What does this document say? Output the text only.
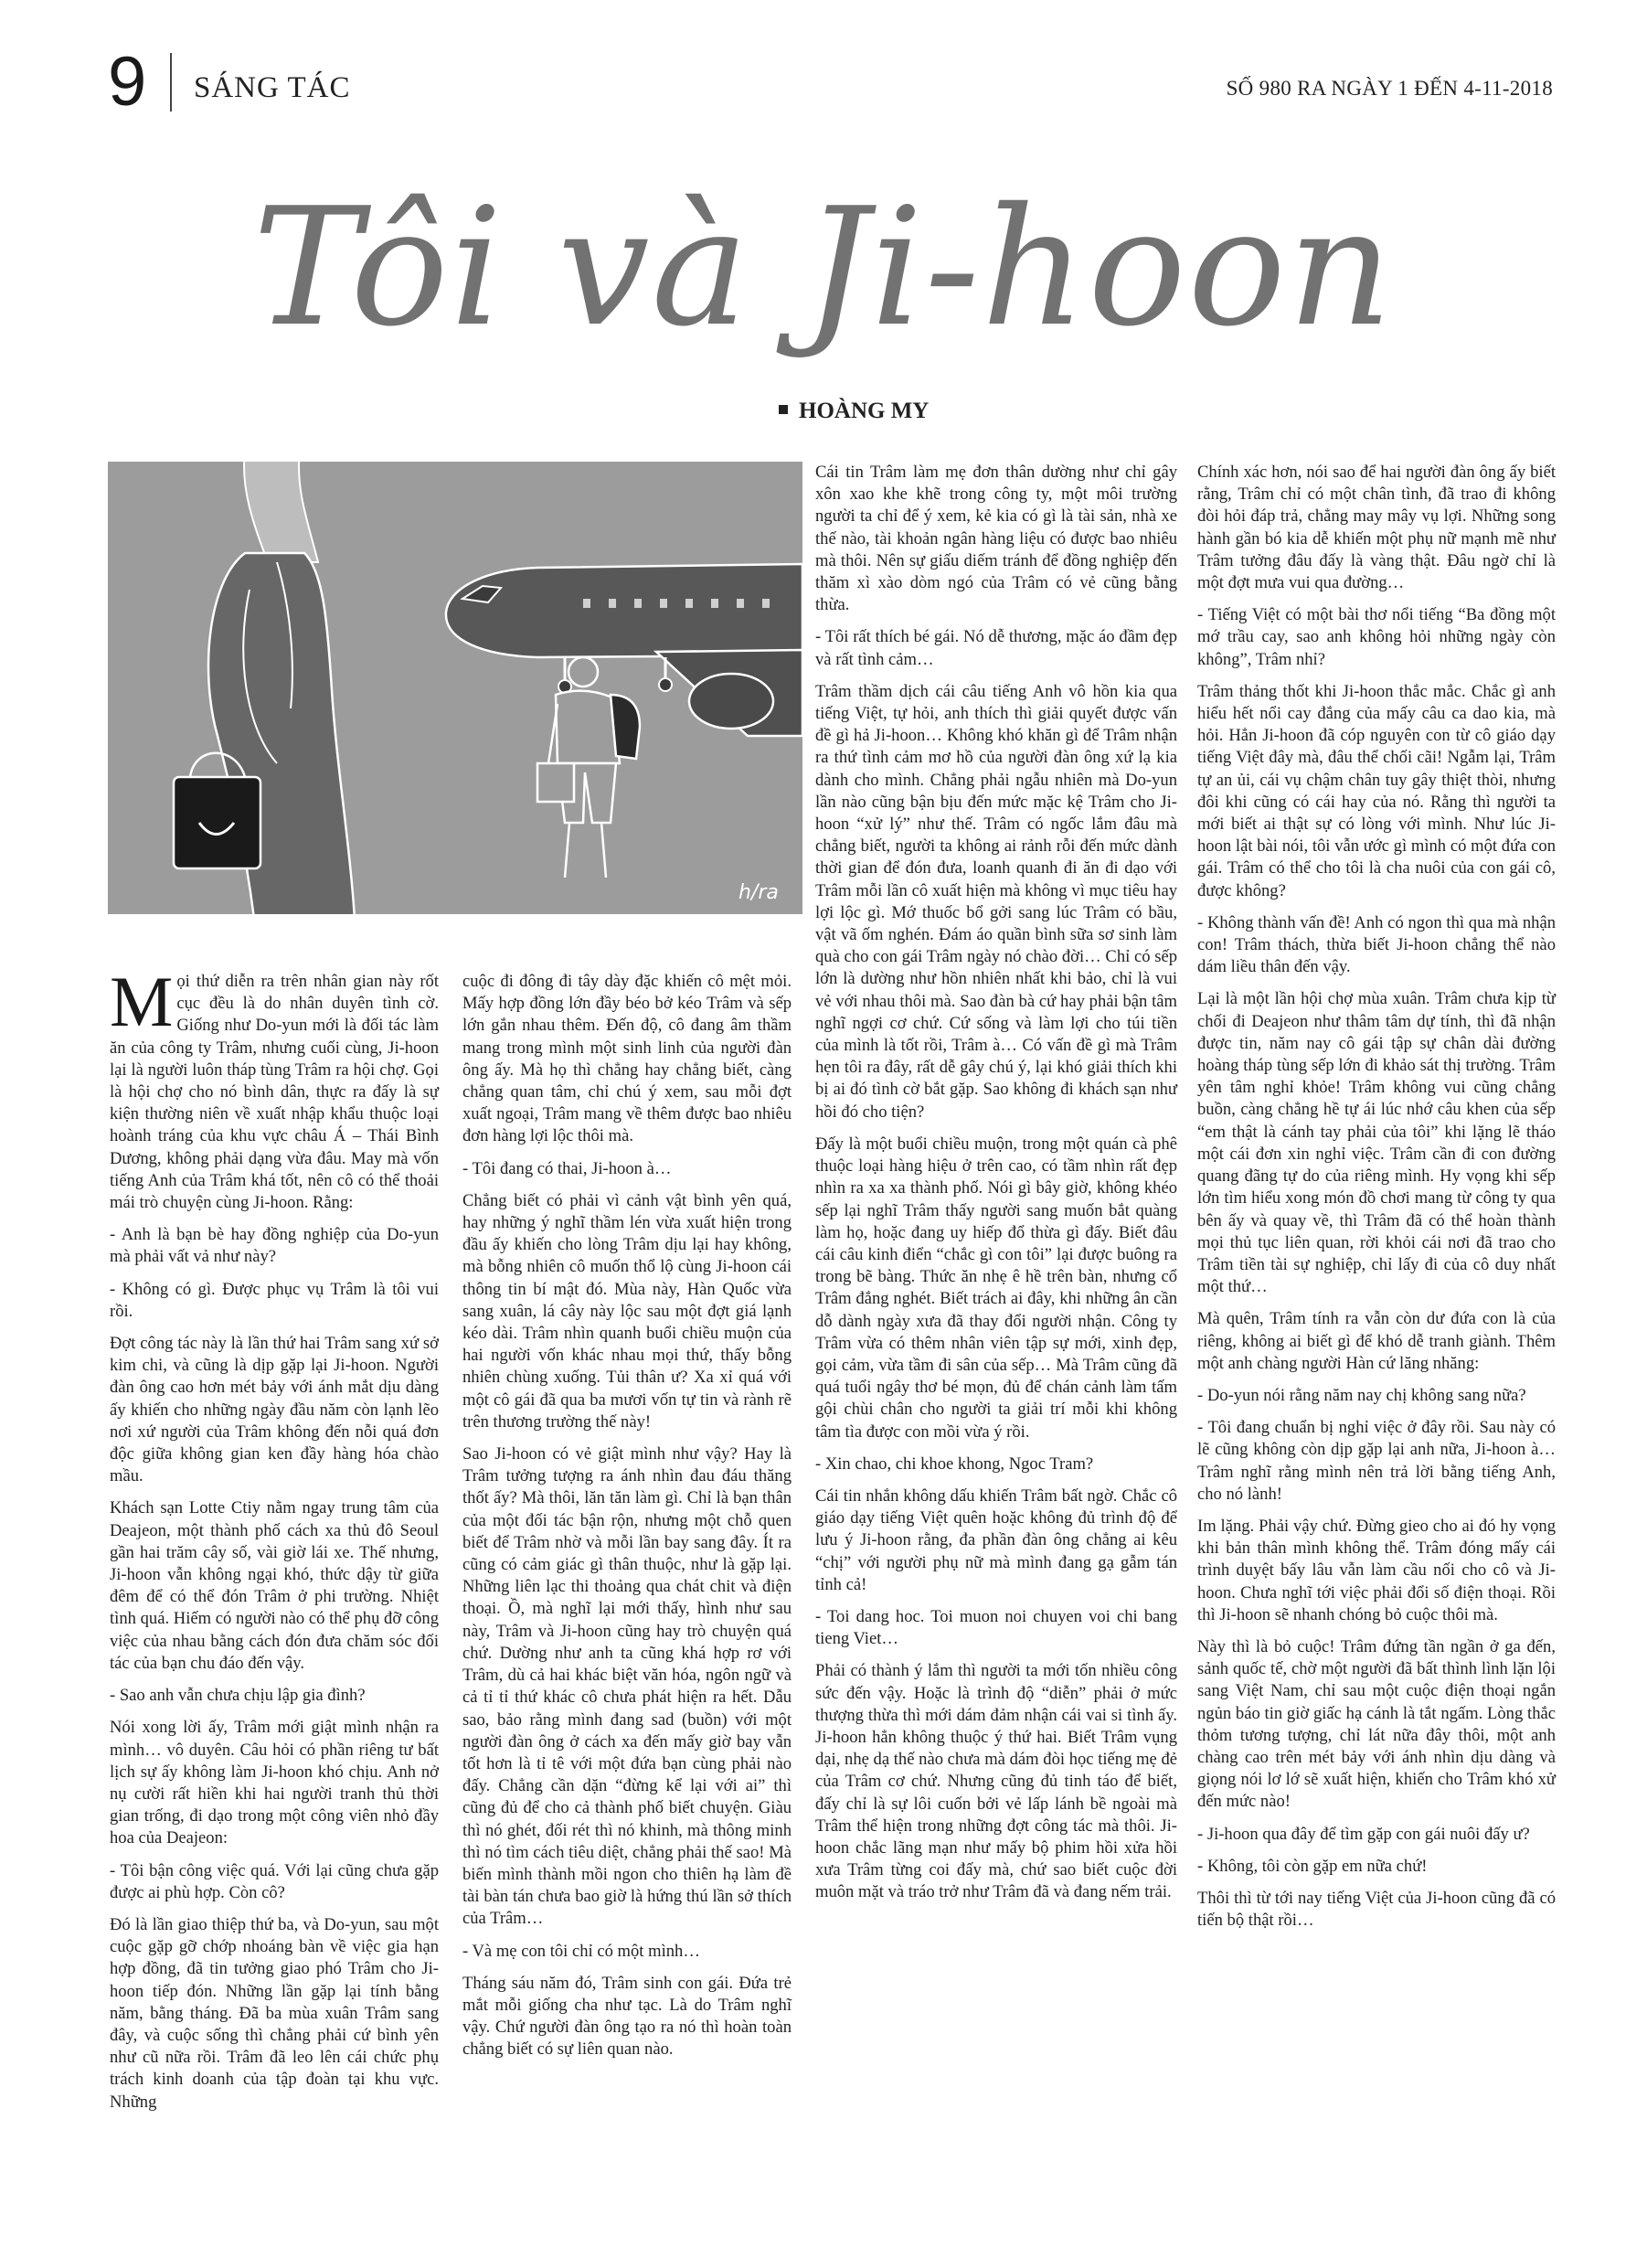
9 SÁNG TÁC	SỐ 980 RA NGÀY 1 ĐẾN 4-11-2018
Tôi và Ji-hoon
HOÀNG MY
h/ra

Mọi thứ diễn ra trên nhân gian này rốt cục đều là do nhân duyên tình cờ. Giống như Do-yun mới là đối tác làm ăn của công ty Trâm, nhưng cuối cùng, Ji-hoon lại là người luôn tháp tùng Trâm ra hội chợ. Gọi là hội chợ cho nó bình dân, thực ra đấy là sự kiện thường niên về xuất nhập khẩu thuộc loại hoành tráng của khu vực châu Á – Thái Bình Dương, không phải dạng vừa đâu. May mà vốn tiếng Anh của Trâm khá tốt, nên cô có thể thoải mái trò chuyện cùng Ji-hoon. Rằng:

- Anh là bạn bè hay đồng nghiệp của Do-yun mà phải vất vả như này?

- Không có gì. Được phục vụ Trâm là tôi vui rồi.

Đợt công tác này là lần thứ hai Trâm sang xứ sở kim chi, và cũng là dịp gặp lại Ji-hoon. Người đàn ông cao hơn mét bảy với ánh mắt dịu dàng ấy khiến cho những ngày đầu năm còn lạnh lẽo nơi xứ người của Trâm không đến nỗi quá đơn độc giữa không gian ken đầy hàng hóa chào mầu.

Khách sạn Lotte Ctiy nằm ngay trung tâm của Deajeon, một thành phố cách xa thủ đô Seoul gần hai trăm cây số, vài giờ lái xe. Thế nhưng, Ji-hoon vẫn không ngại khó, thức dậy từ giữa đêm để có thể đón Trâm ở phi trường. Nhiệt tình quá. Hiếm có người nào có thể phụ đỡ công việc của nhau bằng cách đón đưa chăm sóc đối tác của bạn chu đáo đến vậy.

- Sao anh vẫn chưa chịu lập gia đình?

Nói xong lời ấy, Trâm mới giật mình nhận ra mình… vô duyên. Câu hỏi có phần riêng tư bất lịch sự ấy không làm Ji-hoon khó chịu. Anh nở nụ cười rất hiền khi hai người tranh thủ thời gian trống, đi dạo trong một công viên nhỏ đầy hoa của Deajeon:

- Tôi bận công việc quá. Với lại cũng chưa gặp được ai phù hợp. Còn cô?

Đó là lần giao thiệp thứ ba, và Do-yun, sau một cuộc gặp gỡ chớp nhoáng bàn về việc gia hạn hợp đồng, đã tin tưởng giao phó Trâm cho Ji-hoon tiếp đón. Những lần gặp lại tính bằng năm, bằng tháng. Đã ba mùa xuân Trâm sang đây, và cuộc sống thì chẳng phải cứ bình yên như cũ nữa rồi. Trâm đã leo lên cái chức phụ trách kinh doanh của tập đoàn tại khu vực. Những

cuộc đi đông đi tây dày đặc khiến cô mệt mỏi. Mấy hợp đồng lớn đầy béo bở kéo Trâm và sếp lớn gắn nhau thêm. Đến độ, cô đang âm thầm mang trong mình một sinh linh của người đàn ông ấy. Mà họ thì chẳng hay chẳng biết, càng chẳng quan tâm, chỉ chú ý xem, sau mỗi đợt xuất ngoại, Trâm mang về thêm được bao nhiêu đơn hàng lợi lộc thôi mà.

- Tôi đang có thai, Ji-hoon à…

Chẳng biết có phải vì cảnh vật bình yên quá, hay những ý nghĩ thầm lén vừa xuất hiện trong đầu ấy khiến cho lòng Trâm dịu lại hay không, mà bỗng nhiên cô muốn thổ lộ cùng Ji-hoon cái thông tin bí mật đó. Mùa này, Hàn Quốc vừa sang xuân, lá cây này lộc sau một đợt giá lạnh kéo dài. Trâm nhìn quanh buổi chiều muộn của hai người vốn khác nhau mọi thứ, thấy bỗng nhiên chùng xuống. Tủi thân ư? Xa xỉ quá với một cô gái đã qua ba mươi vốn tự tin và rành rẽ trên thương trường thế này!

Sao Ji-hoon có vẻ giật mình như vậy? Hay là Trâm tưởng tượng ra ánh nhìn đau đáu thăng thốt ấy? Mà thôi, lăn tăn làm gì. Chỉ là bạn thân của một đối tác bận rộn, nhưng một chỗ quen biết để Trâm nhờ và mỗi lần bay sang đây. Ít ra cũng có cảm giác gì thân thuộc, như là gặp lại. Những liên lạc thi thoảng qua chát chit và điện thoại. Ồ, mà nghĩ lại mới thấy, hình như sau này, Trâm và Ji-hoon cũng hay trò chuyện quá chứ. Dường như anh ta cũng khá hợp rơ với Trâm, dù cả hai khác biệt văn hóa, ngôn ngữ và cả tỉ tỉ thứ khác cô chưa phát hiện ra hết. Dẫu sao, bảo rằng mình đang sad (buồn) với một người đàn ông ở cách xa đến mấy giờ bay vẫn tốt hơn là tỉ tê với một đứa bạn cùng phải nào đấy. Chẳng cần dặn “đừng kể lại với ai” thì cũng đủ để cho cả thành phố biết chuyện. Giàu thì nó ghét, đối rét thì nó khinh, mà thông minh thì nó tìm cách tiêu diệt, chẳng phải thế sao! Mà biến mình thành mồi ngon cho thiên hạ làm đề tài bàn tán chưa bao giờ là hứng thú lần sở thích của Trâm…

- Và mẹ con tôi chỉ có một mình…

Tháng sáu năm đó, Trâm sinh con gái. Đứa trẻ mắt mỗi giống cha như tạc. Là do Trâm nghĩ vậy. Chứ người đàn ông tạo ra nó thì hoàn toàn chẳng biết có sự liên quan nào.

Cái tin Trâm làm mẹ đơn thân dường như chỉ gây xôn xao khe khẽ trong công ty, một môi trường người ta chỉ để ý xem, kẻ kia có gì là tài sản, nhà xe thế nào, tài khoản ngân hàng liệu có được bao nhiêu mà thôi. Nên sự giấu diếm tránh để đồng nghiệp đến thăm xì xào dòm ngó của Trâm có vẻ cũng bằng thừa.

- Tôi rất thích bé gái. Nó dễ thương, mặc áo đầm đẹp và rất tình cảm…

Trâm thầm dịch cái câu tiếng Anh vô hồn kia qua tiếng Việt, tự hỏi, anh thích thì giải quyết được vấn đề gì hả Ji-hoon… Không khó khăn gì để Trâm nhận ra thứ tình cảm mơ hồ của người đàn ông xứ lạ kia dành cho mình. Chẳng phải ngẫu nhiên mà Do-yun lần nào cũng bận bịu đến mức mặc kệ Trâm cho Ji-hoon “xử lý” như thế. Trâm có ngốc lắm đâu mà chẳng biết, người ta không ai rảnh rỗi đến mức dành thời gian để đón đưa, loanh quanh đi ăn đi dạo với Trâm mỗi lần cô xuất hiện mà không vì mục tiêu hay lợi lộc gì. Mớ thuốc bổ gởi sang lúc Trâm có bầu, vật vã ốm nghén. Đám áo quần bình sữa sơ sinh làm quà cho con gái Trâm ngày nó chào đời… Chỉ có sếp lớn là dường như hồn nhiên nhất khi bảo, chỉ là vui vẻ với nhau thôi mà. Sao đàn bà cứ hay phải bận tâm nghĩ ngợi cơ chứ. Cứ sống và làm lợi cho túi tiền của mình là tốt rồi, Trâm à… Có vấn đề gì mà Trâm hẹn tôi ra đây, rất dễ gây chú ý, lại khó giải thích khi bị ai đó tình cờ bắt gặp. Sao không đi khách sạn như hồi đó cho tiện?

Đấy là một buổi chiều muộn, trong một quán cà phê thuộc loại hàng hiệu ở trên cao, có tầm nhìn rất đẹp nhìn ra xa xa thành phố. Nói gì bây giờ, không khéo sếp lại nghĩ Trâm thấy người sang muốn bắt quàng làm họ, hoặc đang uy hiếp đổ thừa gì đấy. Biết đâu cái câu kinh điển “chắc gì con tôi” lại được buông ra trong bẽ bàng. Thức ăn nhẹ ê hề trên bàn, nhưng cổ Trâm đắng nghét. Biết trách ai đây, khi những ân cần dỗ dành ngày xưa đã thay đổi người nhận. Công ty Trâm vừa có thêm nhân viên tập sự mới, xinh đẹp, gọi cảm, vừa tầm đi sân của sếp… Mà Trâm cũng đã quá tuổi ngây thơ bé mọn, đủ để chán cảnh làm tấm gội chùi chân cho người ta giải trí mỗi khi không tâm tìa được con mồi vừa ý rồi.

- Xin chao, chi khoe khong, Ngoc Tram?

Cái tin nhắn không dấu khiến Trâm bất ngờ. Chắc cô giáo dạy tiếng Việt quên hoặc không đủ trình độ để lưu ý Ji-hoon rằng, đa phần đàn ông chẳng ai kêu “chị” với người phụ nữ mà mình đang gạ gẫm tán tỉnh cả!

- Toi dang hoc. Toi muon noi chuyen voi chi bang tieng Viet…

Phải có thành ý lắm thì người ta mới tốn nhiều công sức đến vậy. Hoặc là trình độ “diễn” phải ở mức thượng thừa thì mới dám đảm nhận cái vai si tình ấy. Ji-hoon hẳn không thuộc ý thứ hai. Biết Trâm vụng dại, nhẹ dạ thế nào chưa mà dám đòi học tiếng mẹ đẻ của Trâm cơ chứ. Nhưng cũng đủ tinh táo để biết, đấy chỉ là sự lôi cuốn bởi vẻ lấp lánh bề ngoài mà Trâm thể hiện trong những đợt công tác mà thôi. Ji-hoon chắc lãng mạn như mấy bộ phim hồi xửa hồi xưa Trâm từng coi đấy mà, chứ sao biết cuộc đời muôn mặt và tráo trở như Trâm đã và đang nếm trải.

Chính xác hơn, nói sao để hai người đàn ông ấy biết rằng, Trâm chỉ có một chân tình, đã trao đi không đòi hỏi đáp trả, chẳng may mây vụ lợi. Những song hành gần bó kia dễ khiến một phụ nữ mạnh mẽ như Trâm tưởng đâu đấy là vàng thật. Đâu ngờ chỉ là một đợt mưa vui qua đường…

- Tiếng Việt có một bài thơ nổi tiếng “Ba đồng một mớ trầu cay, sao anh không hỏi những ngày còn không”, Trâm nhỉ?

Trâm thảng thốt khi Ji-hoon thắc mắc. Chắc gì anh hiểu hết nổi cay đắng của mấy câu ca dao kia, mà hỏi. Hẳn Ji-hoon đã cóp nguyên con từ cô giáo dạy tiếng Việt đây mà, đâu thể chối cãi! Ngẫm lại, Trâm tự an ủi, cái vụ chậm chân tuy gây thiệt thòi, nhưng đôi khi cũng có cái hay của nó. Rằng thì người ta mới biết ai thật sự có lòng với mình. Như lúc Ji-hoon lật bài nói, tôi vẫn ước gì mình có một đứa con gái. Trâm có thể cho tôi là cha nuôi của con gái cô, được không?

- Không thành vấn đề! Anh có ngon thì qua mà nhận con! Trâm thách, thừa biết Ji-hoon chẳng thể nào dám liều thân đến vậy.

Lại là một lần hội chợ mùa xuân. Trâm chưa kịp từ chối đi Deajeon như thâm tâm dự tính, thì đã nhận được tin, năm nay cô gái tập sự chân dài đường hoàng tháp tùng sếp lớn đi khảo sát thị trường. Trâm yên tâm nghỉ khỏe! Trâm không vui cũng chẳng buồn, càng chẳng hề tự ái lúc nhớ câu khen của sếp “em thật là cánh tay phải của tôi” khi lặng lẽ tháo một cái đơn xin nghỉ việc. Trâm cần đi con đường quang đãng tự do của riêng mình. Hy vọng khi sếp lớn tìm hiểu xong món đồ chơi mang từ công ty qua bên ấy và quay về, thì Trâm đã có thể hoàn thành mọi thủ tục liên quan, rời khỏi cái nơi đã trao cho Trâm tiền tài sự nghiệp, chỉ lấy đi của cô duy nhất một thứ…

Mà quên, Trâm tính ra vẫn còn dư đứa con là của riêng, không ai biết gì để khó dễ tranh giành. Thêm một anh chàng người Hàn cứ lăng nhăng:

- Do-yun nói rằng năm nay chị không sang nữa?

- Tôi đang chuẩn bị nghỉ việc ở đây rồi. Sau này có lẽ cũng không còn dịp gặp lại anh nữa, Ji-hoon à… Trâm nghĩ rằng mình nên trả lời bằng tiếng Anh, cho nó lành!

Im lặng. Phải vậy chứ. Đừng gieo cho ai đó hy vọng khi bản thân mình không thể. Trâm đóng mấy cái trình duyệt bấy lâu vẫn làm cầu nối cho cô và Ji-hoon. Chưa nghĩ tới việc phải đổi số điện thoại. Rồi thì Ji-hoon sẽ nhanh chóng bỏ cuộc thôi mà.

Này thì là bỏ cuộc! Trâm đứng tần ngần ở ga đến, sảnh quốc tế, chờ một người đã bất thình lình lặn lội sang Việt Nam, chỉ sau một cuộc điện thoại ngắn ngủn báo tin giờ giấc hạ cánh là tắt ngấm. Lòng thắc thỏm tương tượng, chỉ lát nữa đây thôi, một anh chàng cao trên mét bảy với ánh nhìn dịu dàng và giọng nói lơ lớ sẽ xuất hiện, khiến cho Trâm khó xử đến mức nào!

- Ji-hoon qua đây để tìm gặp con gái nuôi đấy ư?

- Không, tôi còn gặp em nữa chứ!

Thôi thì từ tới nay tiếng Việt của Ji-hoon cũng đã có tiến bộ thật rồi…
